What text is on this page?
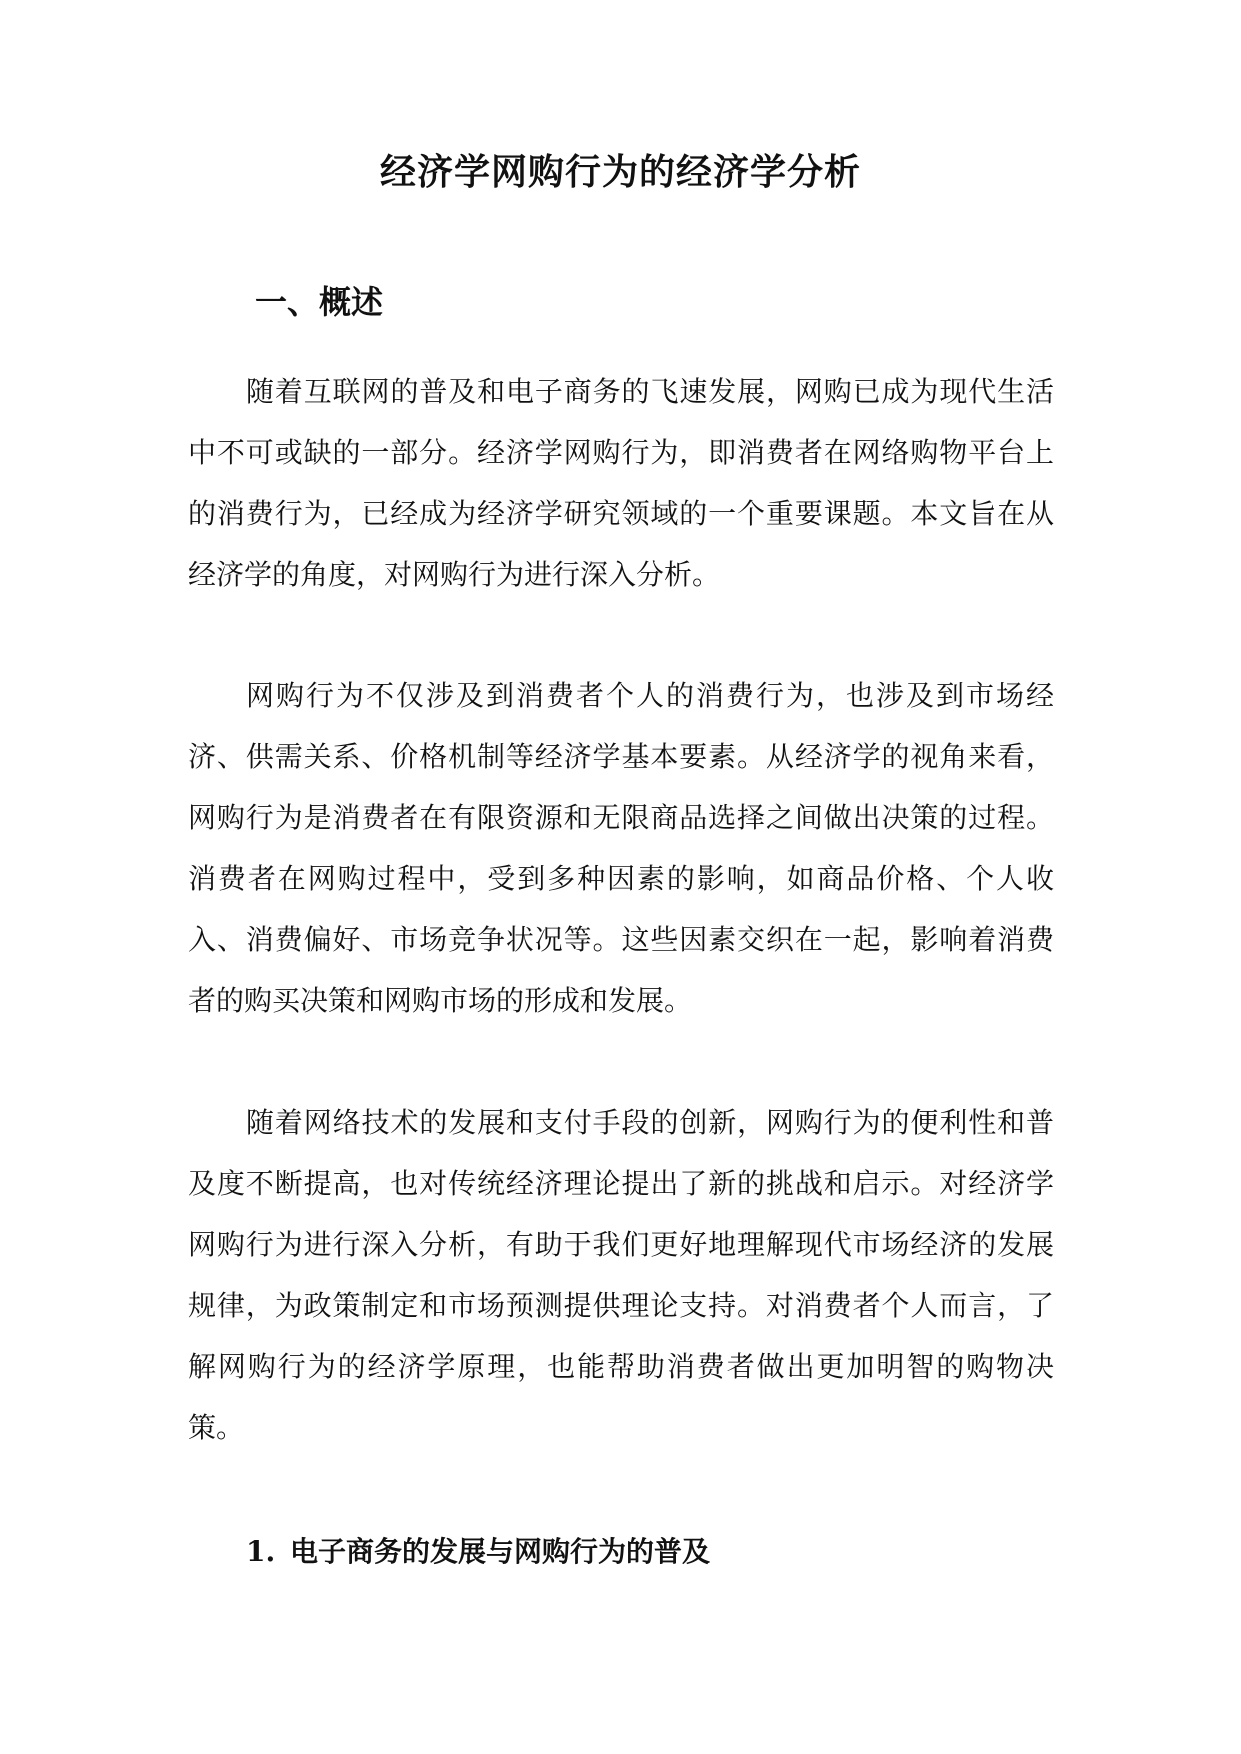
经济学网购行为的经济学分析
一、概述

随着互联网的普及和电子商务的飞速发展，网购已成为现代生活中不可或缺的一部分。经济学网购行为，即消费者在网络购物平台上的消费行为，已经成为经济学研究领域的一个重要课题。本文旨在从经济学的角度，对网购行为进行深入分析。

网购行为不仅涉及到消费者个人的消费行为，也涉及到市场经济、供需关系、价格机制等经济学基本要素。从经济学的视角来看，网购行为是消费者在有限资源和无限商品选择之间做出决策的过程。消费者在网购过程中，受到多种因素的影响，如商品价格、个人收入、消费偏好、市场竞争状况等。这些因素交织在一起，影响着消费者的购买决策和网购市场的形成和发展。

随着网络技术的发展和支付手段的创新，网购行为的便利性和普及度不断提高，也对传统经济理论提出了新的挑战和启示。对经济学网购行为进行深入分析，有助于我们更好地理解现代市场经济的发展规律，为政策制定和市场预测提供理论支持。对消费者个人而言，了解网购行为的经济学原理，也能帮助消费者做出更加明智的购物决策。

1. 电子商务的发展与网购行为的普及
